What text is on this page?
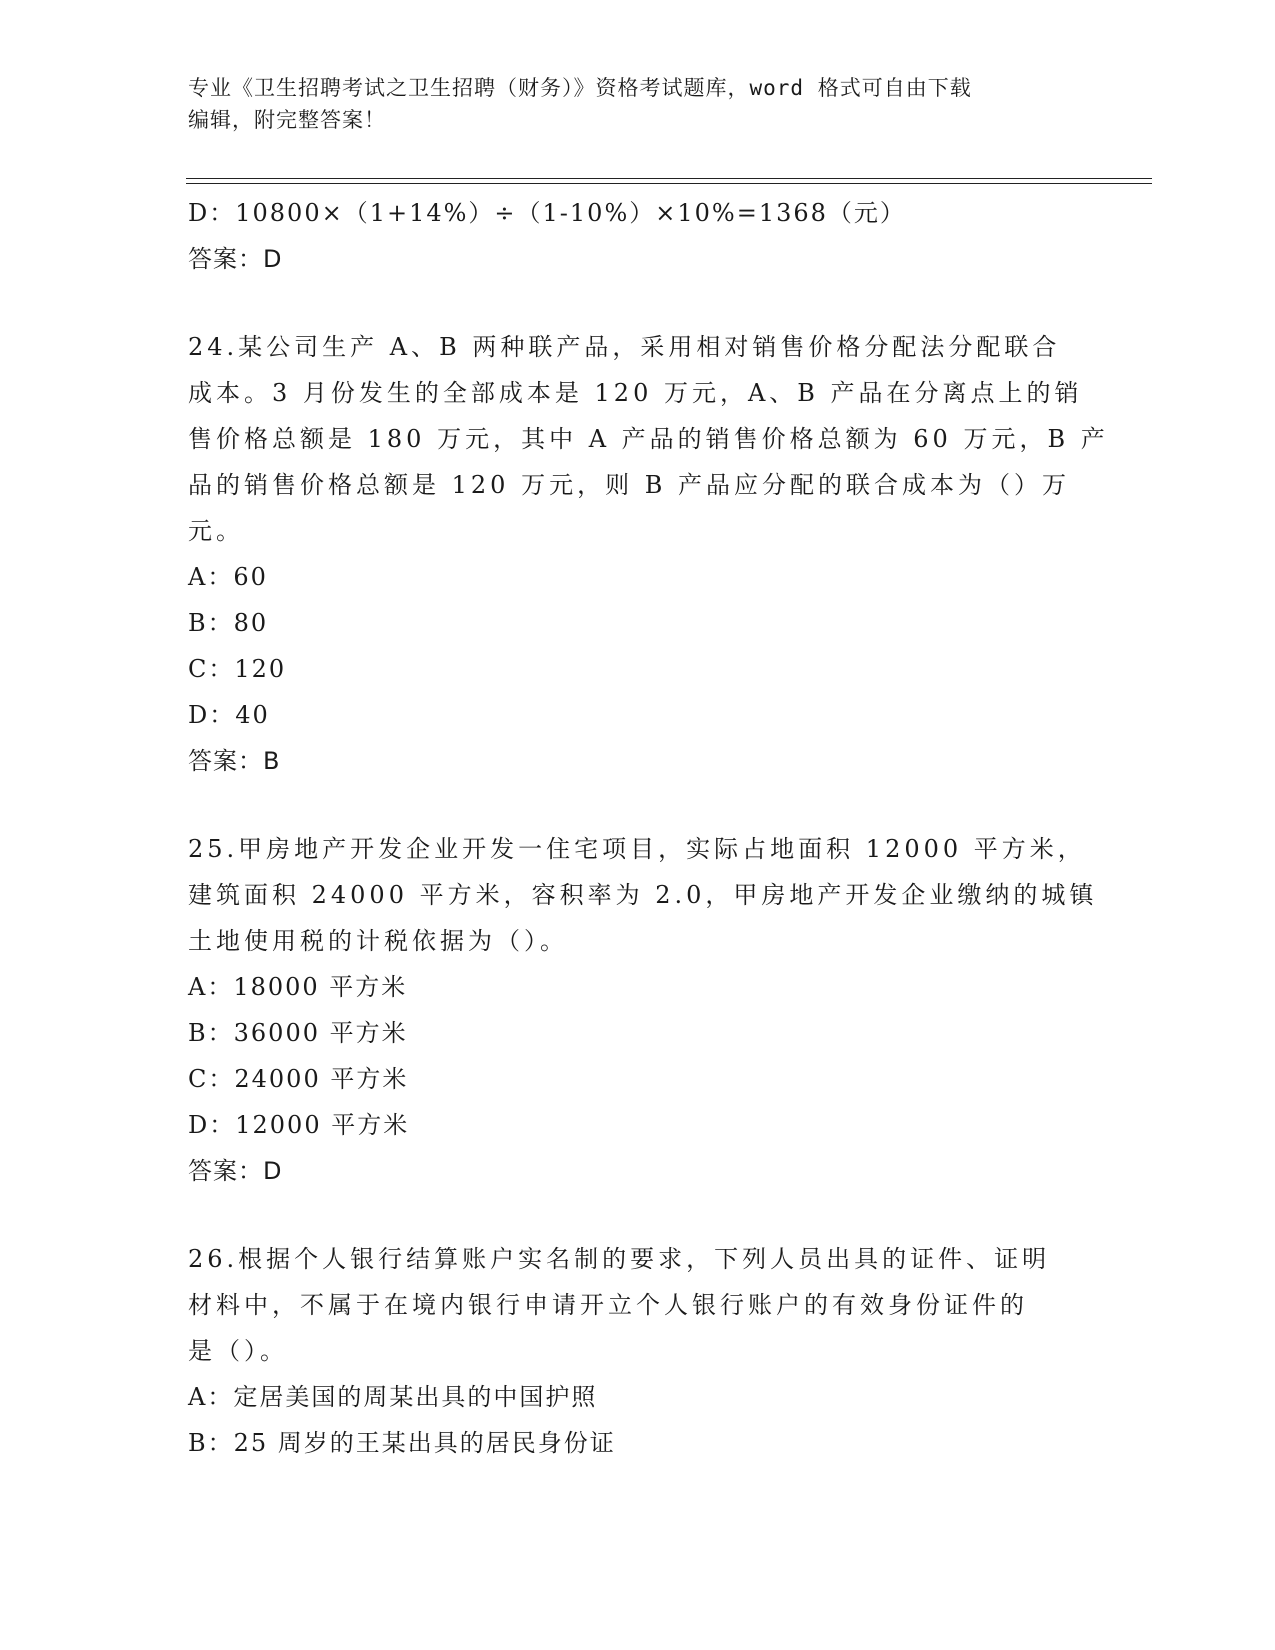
专业《卫生招聘考试之卫生招聘（财务）》资格考试题库，word 格式可自由下载
编辑，附完整答案！
D：10800×（1+14%）÷（1-10%）×10%=1368（元）
答案：D
24.某公司生产 A、B 两种联产品，采用相对销售价格分配法分配联合
成本。3 月份发生的全部成本是 120 万元，A、B 产品在分离点上的销
售价格总额是 180 万元，其中 A 产品的销售价格总额为 60 万元，B 产
品的销售价格总额是 120 万元，则 B 产品应分配的联合成本为（）万
元。
A：60
B：80
C：120
D：40
答案：B
25.甲房地产开发企业开发一住宅项目，实际占地面积 12000 平方米，
建筑面积 24000 平方米，容积率为 2.0，甲房地产开发企业缴纳的城镇
土地使用税的计税依据为（）。
A：18000 平方米
B：36000 平方米
C：24000 平方米
D：12000 平方米
答案：D
26.根据个人银行结算账户实名制的要求，下列人员出具的证件、证明
材料中，不属于在境内银行申请开立个人银行账户的有效身份证件的
是（）。
A：定居美国的周某出具的中国护照
B：25 周岁的王某出具的居民身份证
